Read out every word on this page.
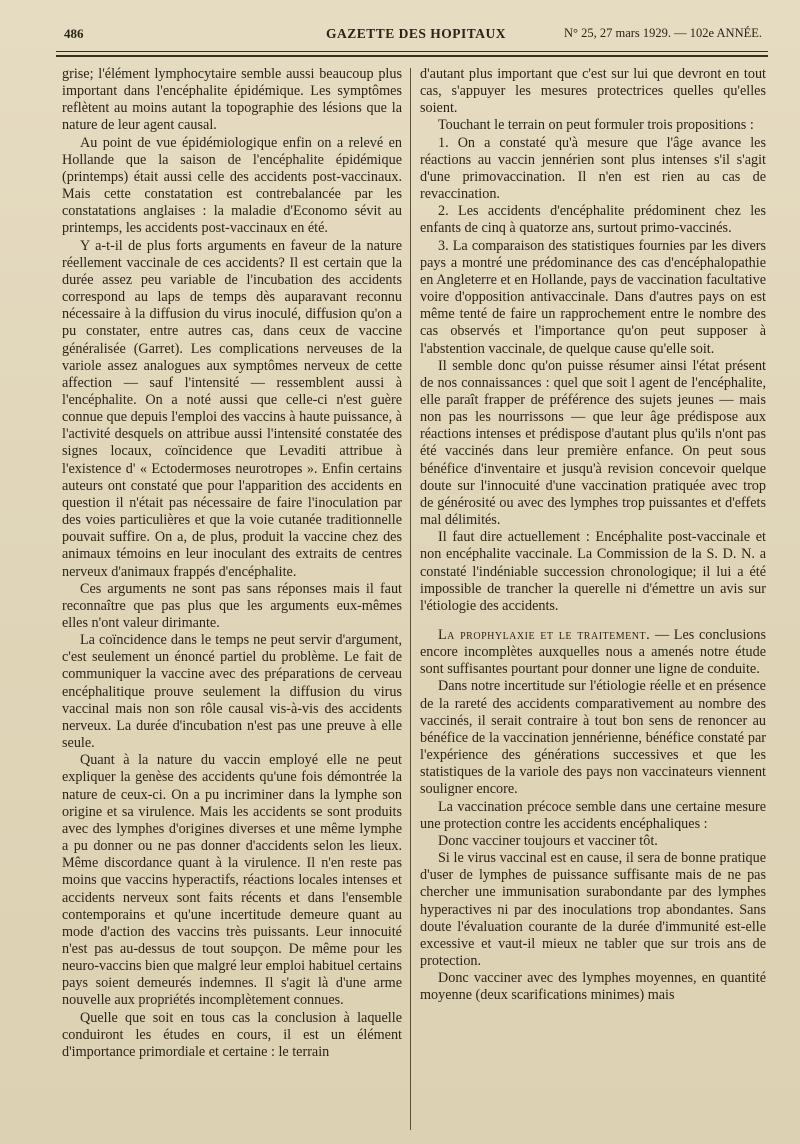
486	GAZETTE DES HOPITAUX	N° 25, 27 mars 1929. — 102e ANNÉE.

grise; l'élément lymphocytaire semble aussi beaucoup plus important dans l'encéphalite épidémique. Les symptômes reflètent au moins autant la topographie des lésions que la nature de leur agent causal.

Au point de vue épidémiologique enfin on a relevé en Hollande que la saison de l'encéphalite épidémique (printemps) était aussi celle des accidents post-vaccinaux. Mais cette constatation est contrebalancée par les constatations anglaises : la maladie d'Economo sévit au printemps, les accidents post-vaccinaux en été.

Y a-t-il de plus forts arguments en faveur de la nature réellement vaccinale de ces accidents? Il est certain que la durée assez peu variable de l'incubation des accidents correspond au laps de temps dès auparavant reconnu nécessaire à la diffusion du virus inoculé, diffusion qu'on a pu constater, entre autres cas, dans ceux de vaccine généralisée (Garret). Les complications nerveuses de la variole assez analogues aux symptômes nerveux de cette affection — sauf l'intensité — ressemblent aussi à l'encéphalite. On a noté aussi que celle-ci n'est guère connue que depuis l'emploi des vaccins à haute puissance, à l'activité desquels on attribue aussi l'intensité constatée des signes locaux, coïncidence que Levaditi attribue à l'existence d' « Ectodermoses neurotropes ». Enfin certains auteurs ont constaté que pour l'apparition des accidents en question il n'était pas nécessaire de faire l'inoculation par des voies particulières et que la voie cutanée traditionnelle pouvait suffire. On a, de plus, produit la vaccine chez des animaux témoins en leur inoculant des extraits de centres nerveux d'animaux frappés d'encéphalite.

Ces arguments ne sont pas sans réponses mais il faut reconnaître que pas plus que les arguments eux-mêmes elles n'ont valeur dirimante.

La coïncidence dans le temps ne peut servir d'argument, c'est seulement un énoncé partiel du problème. Le fait de communiquer la vaccine avec des préparations de cerveau encéphalitique prouve seulement la diffusion du virus vaccinal mais non son rôle causal vis-à-vis des accidents nerveux. La durée d'incubation n'est pas une preuve à elle seule.

Quant à la nature du vaccin employé elle ne peut expliquer la genèse des accidents qu'une fois démontrée la nature de ceux-ci. On a pu incriminer dans la lymphe son origine et sa virulence. Mais les accidents se sont produits avec des lymphes d'origines diverses et une même lymphe a pu donner ou ne pas donner d'accidents selon les lieux. Même discordance quant à la virulence. Il n'en reste pas moins que vaccins hyperactifs, réactions locales intenses et accidents nerveux sont faits récents et dans l'ensemble contemporains et qu'une incertitude demeure quant au mode d'action des vaccins très puissants. Leur innocuité n'est pas au-dessus de tout soupçon. De même pour les neuro-vaccins bien que malgré leur emploi habituel certains pays soient demeurés indemnes. Il s'agit là d'une arme nouvelle aux propriétés incomplètement connues.

Quelle que soit en tous cas la conclusion à laquelle conduiront les études en cours, il est un élément d'importance primordiale et certaine : le terrain

d'autant plus important que c'est sur lui que devront en tout cas, s'appuyer les mesures protectrices quelles qu'elles soient.

Touchant le terrain on peut formuler trois propositions :

1. On a constaté qu'à mesure que l'âge avance les réactions au vaccin jennérien sont plus intenses s'il s'agit d'une primovaccination. Il n'en est rien au cas de revaccination.

2. Les accidents d'encéphalite prédominent chez les enfants de cinq à quatorze ans, surtout primo-vaccinés.

3. La comparaison des statistiques fournies par les divers pays a montré une prédominance des cas d'encéphalopathie en Angleterre et en Hollande, pays de vaccination facultative voire d'opposition antivaccinale. Dans d'autres pays on est même tenté de faire un rapprochement entre le nombre des cas observés et l'importance qu'on peut supposer à l'abstention vaccinale, de quelque cause qu'elle soit.

Il semble donc qu'on puisse résumer ainsi l'état présent de nos connaissances : quel que soit l agent de l'encéphalite, elle paraît frapper de préférence des sujets jeunes — mais non pas les nourrissons — que leur âge prédispose aux réactions intenses et prédispose d'autant plus qu'ils n'ont pas été vaccinés dans leur première enfance. On peut sous bénéfice d'inventaire et jusqu'à revision concevoir quelque doute sur l'innocuité d'une vaccination pratiquée avec trop de générosité ou avec des lymphes trop puissantes et d'effets mal délimités.

Il faut dire actuellement : Encéphalite post-vaccinale et non encéphalite vaccinale. La Commission de la S. D. N. a constaté l'indéniable succession chronologique; il lui a été impossible de trancher la querelle ni d'émettre un avis sur l'étiologie des accidents.

La prophylaxie et le traitement. — Les conclusions encore incomplètes auxquelles nous a amenés notre étude sont suffisantes pourtant pour donner une ligne de conduite.

Dans notre incertitude sur l'étiologie réelle et en présence de la rareté des accidents comparativement au nombre des vaccinés, il serait contraire à tout bon sens de renoncer au bénéfice de la vaccination jennérienne, bénéfice constaté par l'expérience des générations successives et que les statistiques de la variole des pays non vaccinateurs viennent souligner encore.

La vaccination précoce semble dans une certaine mesure une protection contre les accidents encéphaliques :

Donc vacciner toujours et vacciner tôt.

Si le virus vaccinal est en cause, il sera de bonne pratique d'user de lymphes de puissance suffisante mais de ne pas chercher une immunisation surabondante par des lymphes hyperactives ni par des inoculations trop abondantes. Sans doute l'évaluation courante de la durée d'immunité est-elle excessive et vaut-il mieux ne tabler que sur trois ans de protection.

Donc vacciner avec des lymphes moyennes, en quantité moyenne (deux scarifications minimes) mais
